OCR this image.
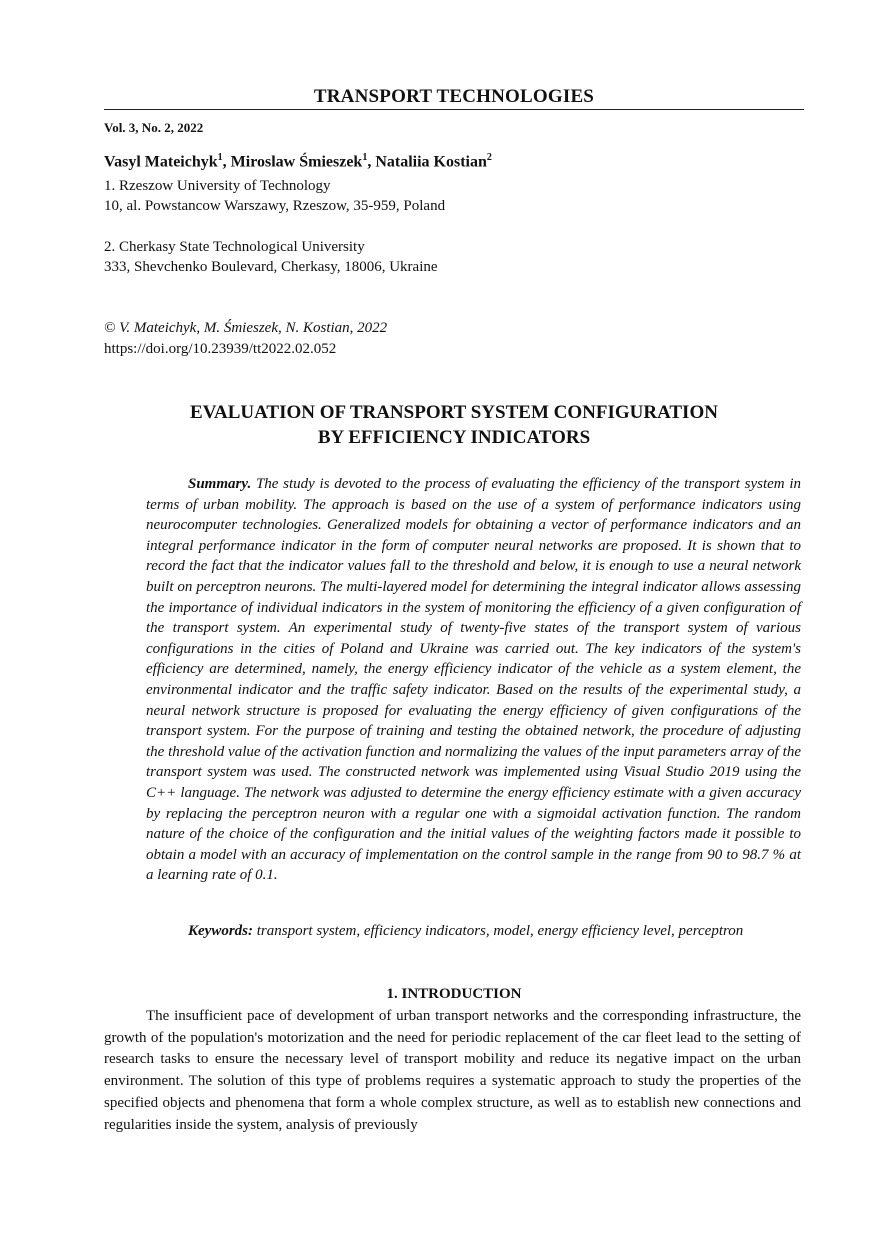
TRANSPORT TECHNOLOGIES
Vol. 3, No. 2, 2022
Vasyl Mateichyk$^1$, Miroslaw Śmieszek$^1$, Nataliia Kostian$^2$
1. Rzeszow University of Technology
10, al. Powstancow Warszawy, Rzeszow, 35-959, Poland
2. Cherkasy State Technological University
333, Shevchenko Boulevard, Cherkasy, 18006, Ukraine
© V. Mateichyk, M. Śmieszek, N. Kostian, 2022
https://doi.org/10.23939/tt2022.02.052
EVALUATION OF TRANSPORT SYSTEM CONFIGURATION
BY EFFICIENCY INDICATORS

Summary. The study is devoted to the process of evaluating the efficiency of the transport system in terms of urban mobility. The approach is based on the use of a system of performance indicators using neurocomputer technologies. Generalized models for obtaining a vector of performance indicators and an integral performance indicator in the form of computer neural networks are proposed. It is shown that to record the fact that the indicator values fall to the threshold and below, it is enough to use a neural network built on perceptron neurons. The multi-layered model for determining the integral indicator allows assessing the importance of individual indicators in the system of monitoring the efficiency of a given configuration of the transport system. An experimental study of twenty-five states of the transport system of various configurations in the cities of Poland and Ukraine was carried out. The key indicators of the system's efficiency are determined, namely, the energy efficiency indicator of the vehicle as a system element, the environmental indicator and the traffic safety indicator. Based on the results of the experimental study, a neural network structure is proposed for evaluating the energy efficiency of given configurations of the transport system. For the purpose of training and testing the obtained network, the procedure of adjusting the threshold value of the activation function and normalizing the values of the input parameters array of the transport system was used. The constructed network was implemented using Visual Studio 2019 using the C++ language. The network was adjusted to determine the energy efficiency estimate with a given accuracy by replacing the perceptron neuron with a regular one with a sigmoidal activation function. The random nature of the choice of the configuration and the initial values of the weighting factors made it possible to obtain a model with an accuracy of implementation on the control sample in the range from 90 to 98.7 % at a learning rate of 0.1.

Keywords: transport system, efficiency indicators, model, energy efficiency level, perceptron
1. INTRODUCTION

The insufficient pace of development of urban transport networks and the corresponding infrastructure, the growth of the population's motorization and the need for periodic replacement of the car fleet lead to the setting of research tasks to ensure the necessary level of transport mobility and reduce its negative impact on the urban environment. The solution of this type of problems requires a systematic approach to study the properties of the specified objects and phenomena that form a whole complex structure, as well as to establish new connections and regularities inside the system, analysis of previously
